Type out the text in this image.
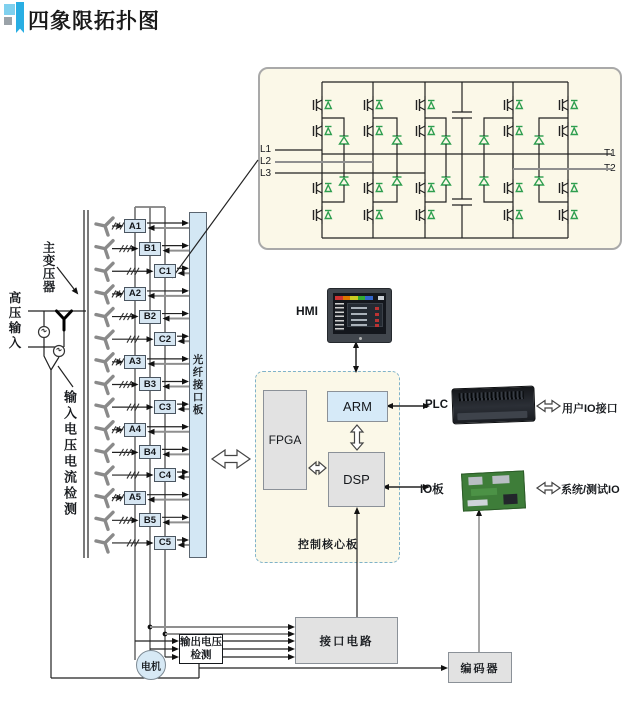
四象限拓扑图
光纤接口板
L1
L2
L3
T1
T2
主变压器
高压输入
输入电压电流检测
HMI
FPGA
ARM
DSP
控制核心板
PLC	用户IO接口
IO板	系统/测试IO
输出电压检测
接口电路
编码器
电机
A1
B1
C1
A2
B2
C2
A3
B3
C3
A4
B4
C4
A5
B5
C5
